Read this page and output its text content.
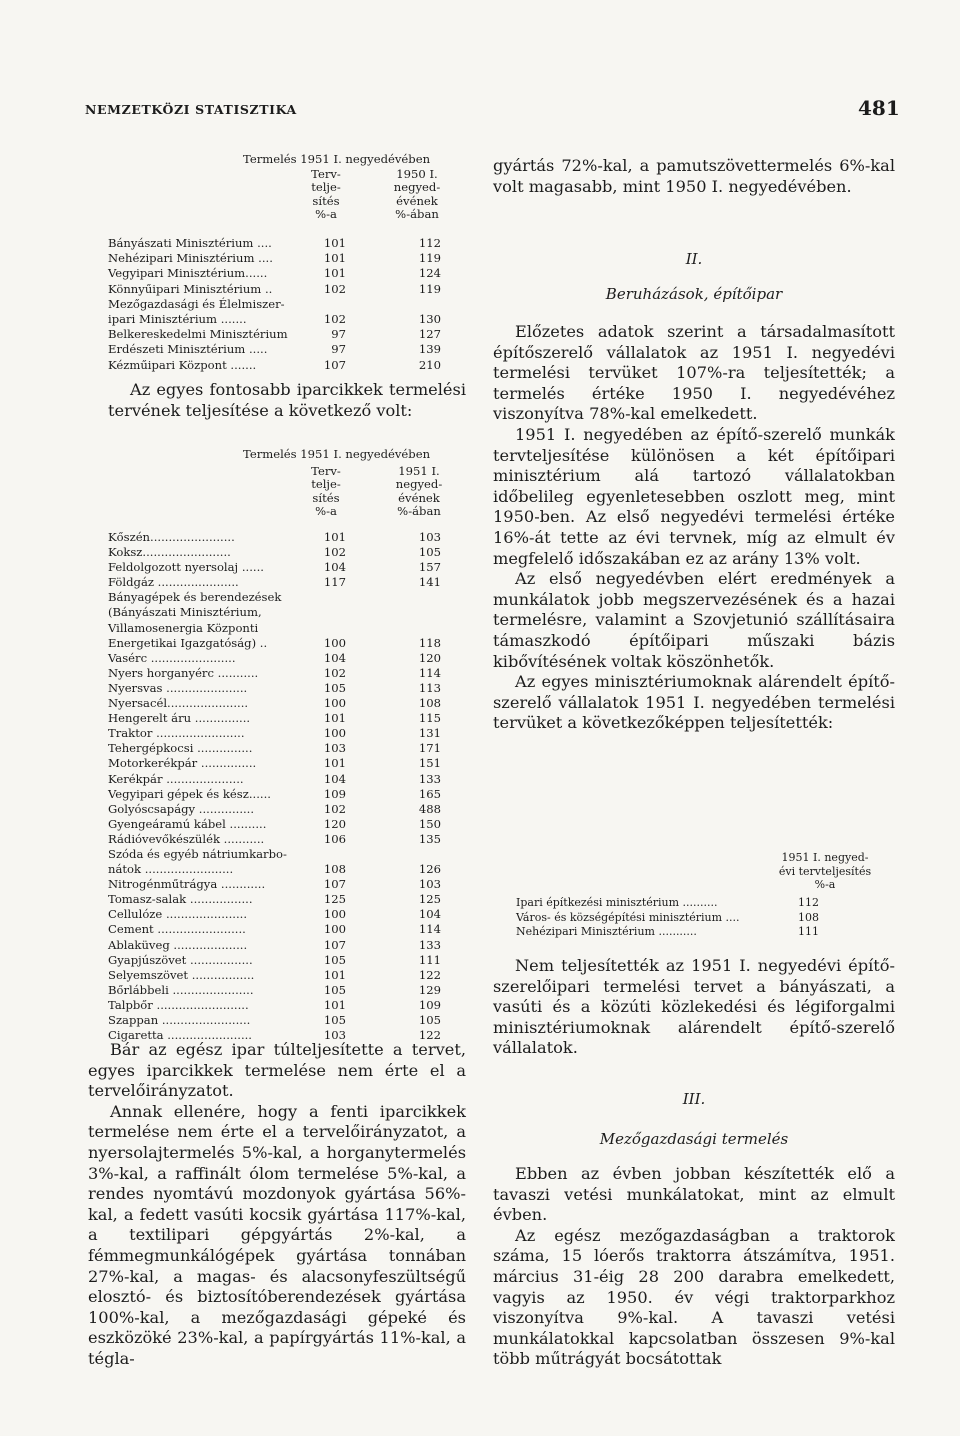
NEMZETKÖZI STATISZTIKA	481
Termelés 1951 I. negyedévében
Terv-
telje-
sítés
%-a
1950 I.
negyed-
évének
%-ában
Bányászati Minisztérium ....	101	112
Nehézipari Minisztérium ....	101	119
Vegyipari Minisztérium......	101	124
Könnyűipari Minisztérium ..	102	119
Mezőgazdasági és Élelmiszer-
ipari Minisztérium .......	102	130
Belkereskedelmi Minisztérium	97	127
Erdészeti Minisztérium .....	97	139
Kézműipari Központ .......	107	210

Az egyes fontosabb iparcikkek termelési tervének teljesítése a következő volt:

Termelés 1951 I. negyedévében
Terv-
telje-
sítés
%-a
1951 I.
negyed-
évének
%-ában
Kőszén.......................	101	103
Koksz........................	102	105
Feldolgozott nyersolaj ......	104	157
Földgáz ......................	117	141
Bányagépek és berendezések
(Bányászati Minisztérium,
Villamosenergia Központi
Energetikai Igazgatóság) ..	100	118
Vasérc .......................	104	120
Nyers horganyérc ...........	102	114
Nyersvas ......................	105	113
Nyersacél......................	100	108
Hengerelt áru ...............	101	115
Traktor ........................	100	131
Tehergépkocsi ...............	103	171
Motorkerékpár ...............	101	151
Kerékpár .....................	104	133
Vegyipari gépek és kész......	109	165
Golyóscsapágy ...............	102	488
Gyengeáramú kábel ..........	120	150
Rádióvevőkészülék ...........	106	135
Szóda és egyéb nátriumkarbo-
nátok ........................	108	126
Nitrogénműtrágya ............	107	103
Tomasz-salak .................	125	125
Cellulóze ......................	100	104
Cement ........................	100	114
Ablaküveg ....................	107	133
Gyapjúszövet .................	105	111
Selyemszövet .................	101	122
Bőrlábbeli ......................	105	129
Talpbőr .........................	101	109
Szappan ........................	105	105
Cigaretta .......................	103	122

Bár az egész ipar túlteljesítette a tervet, egyes iparcikkek termelése nem érte el a tervelőirányzatot.

Annak ellenére, hogy a fenti iparcikkek termelése nem érte el a tervelőirányzatot, a nyersolajtermelés 5%-kal, a horganytermelés 3%-kal, a raffinált ólom termelése 5%-kal, a rendes nyomtávú mozdonyok gyártása 56%-kal, a fedett vasúti kocsik gyártása 117%-kal, a textilipari gépgyártás 2%-kal, a fémmegmunkálógépek gyártása tonnában 27%-kal, a magas- és alacsonyfeszültségű elosztó- és biztosítóberendezések gyártása 100%-kal, a mezőgazdasági gépeké és eszközöké 23%-kal, a papírgyártás 11%-kal, a tégla-

gyártás 72%-kal, a pamutszövettermelés 6%-kal volt magasabb, mint 1950 I. negyedévében.

II.
Beruházások, építőipar

Előzetes adatok szerint a társadalmasított építőszerelő vállalatok az 1951 I. negyedévi termelési tervüket 107%-ra teljesítették; a termelés értéke 1950 I. negyedévéhez viszonyítva 78%-kal emelkedett.

1951 I. negyedében az építő-szerelő munkák tervteljesítése különösen a két építőipari minisztérium alá tartozó vállalatokban időbelileg egyenletesebben oszlott meg, mint 1950-ben. Az első negyedévi termelési értéke 16%-át tette az évi tervnek, míg az elmult év megfelelő időszakában ez az arány 13% volt.

Az első negyedévben elért eredmények a munkálatok jobb megszervezésének és a hazai termelésre, valamint a Szovjetunió szállításaira támaszkodó építőipari műszaki bázis kibővítésének voltak köszönhetők.

Az egyes minisztériumoknak alárendelt építő-szerelő vállalatok 1951 I. negyedében termelési tervüket a következőképpen teljesítették:

1951 I. negyed-
évi tervteljesítés
%-a
Ipari építkezési minisztérium ..........	112
Város- és községépítési minisztérium ....	108
Nehézipari Minisztérium ...........	111

Nem teljesítették az 1951 I. negyedévi építő-szerelőipari termelési tervet a bányászati, a vasúti és a közúti közlekedési és légiforgalmi minisztériumoknak alárendelt építő-szerelő vállalatok.

III.
Mezőgazdasági termelés

Ebben az évben jobban készítették elő a tavaszi vetési munkálatokat, mint az elmult évben.

Az egész mezőgazdaságban a traktorok száma, 15 lóerős traktorra átszámítva, 1951. március 31-éig 28 200 darabra emelkedett, vagyis az 1950. év végi traktorparkhoz viszonyítva 9%-kal. A tavaszi vetési munkálatokkal kapcsolatban összesen 9%-kal több műtrágyát bocsátottak
